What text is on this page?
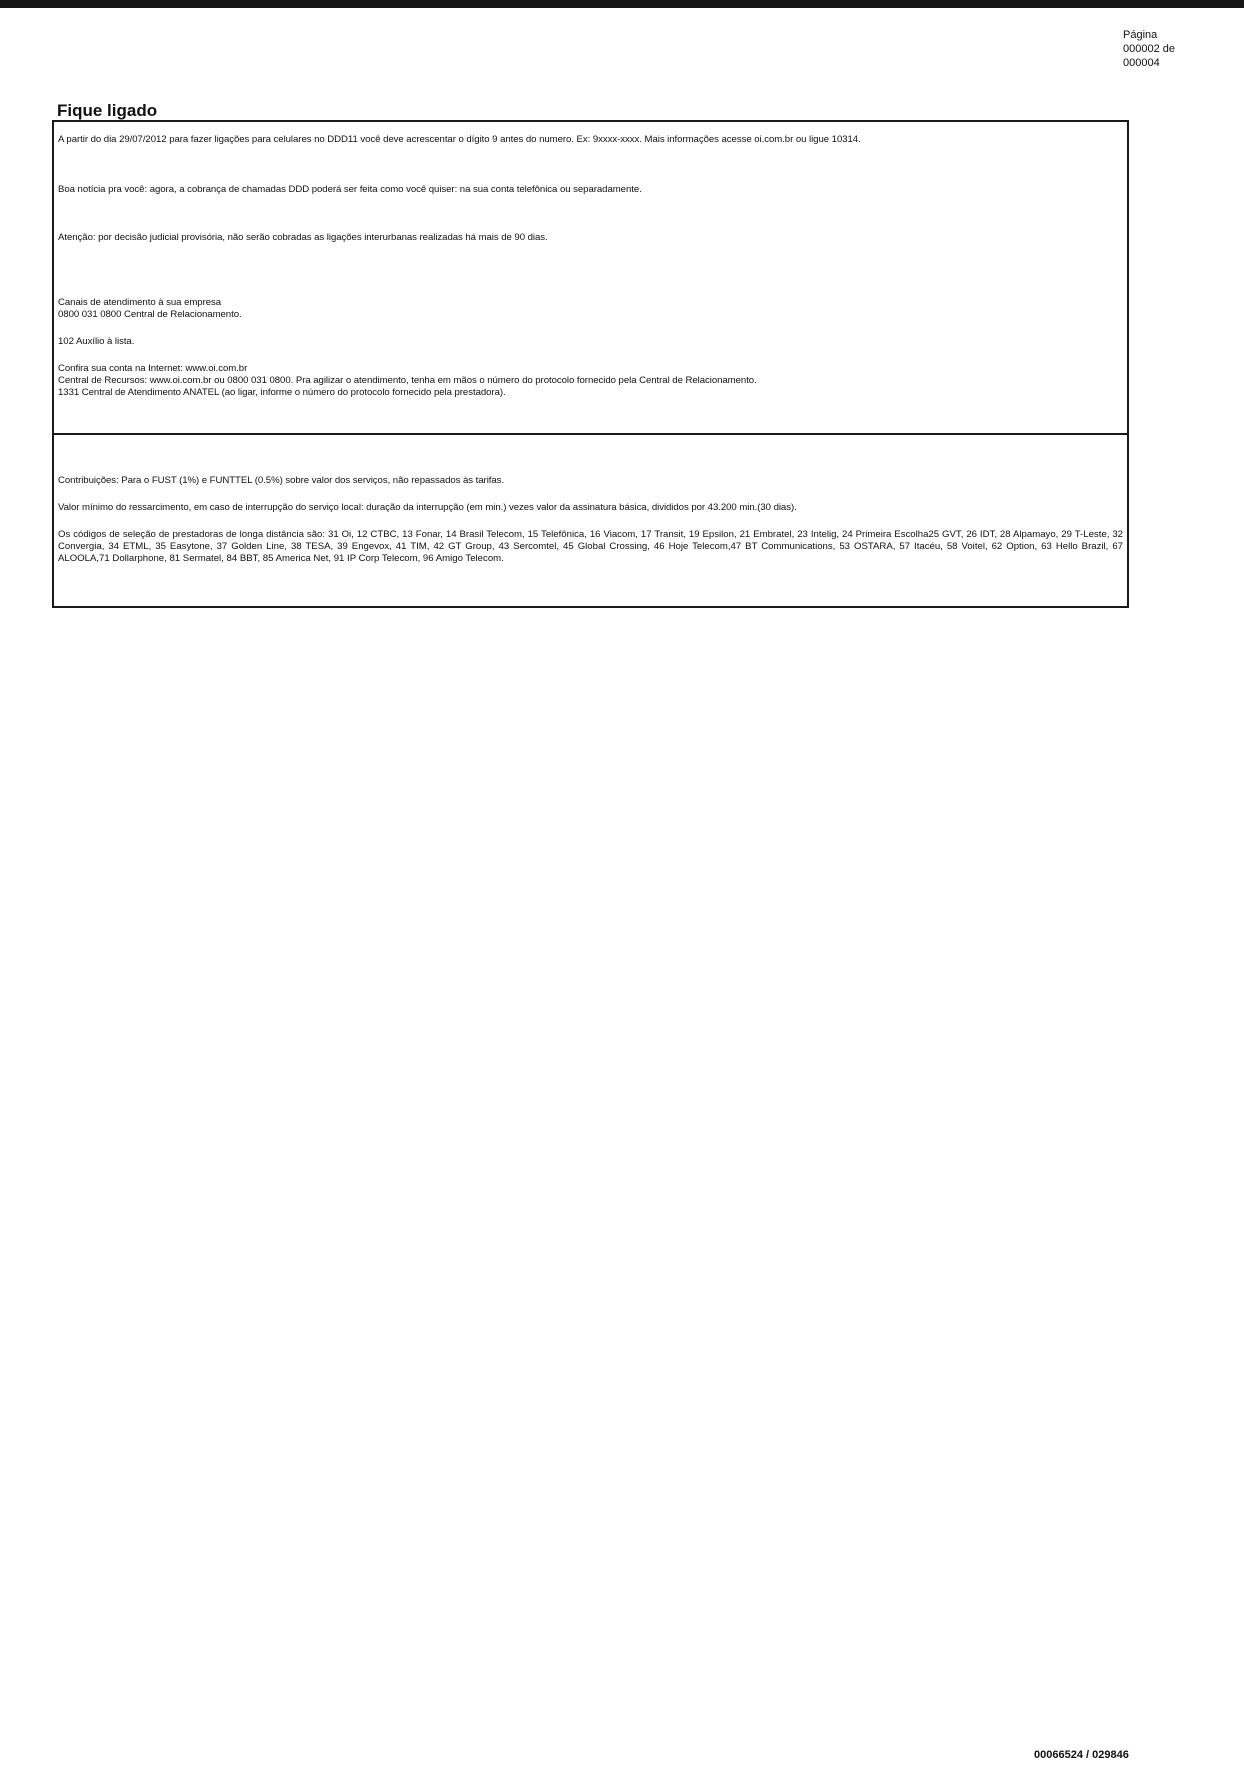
Página
000002 de
000004
Fique ligado
A partir do dia 29/07/2012 para fazer ligações para celulares no DDD11 você deve acrescentar o dígito 9 antes do numero. Ex: 9xxxx-xxxx. Mais informações acesse oi.com.br ou ligue 10314.
Boa notícia pra você: agora, a cobrança de chamadas DDD poderá ser feita como você quiser: na sua conta telefônica ou separadamente.
Atenção: por decisão judicial provisória, não serão cobradas as ligações interurbanas realizadas há mais de 90 dias.
Canais de atendimento à sua empresa
0800 031 0800 Central de Relacionamento.
102 Auxílio à lista.
Confira sua conta na Internet: www.oi.com.br
Central de Recursos: www.oi.com.br ou 0800 031 0800. Pra agilizar o atendimento, tenha em mãos o número do protocolo fornecido pela Central de Relacionamento.
1331 Central de Atendimento ANATEL (ao ligar, informe o número do protocolo fornecido pela prestadora).
Contribuições: Para o FUST (1%) e FUNTTEL (0.5%) sobre valor dos serviços, não repassados às tarifas.
Valor mínimo do ressarcimento, em caso de interrupção do serviço local: duração da interrupção (em min.) vezes valor da assinatura básica, divididos por 43.200 min.(30 dias).
Os códigos de seleção de prestadoras de longa distância são: 31 Oi, 12 CTBC, 13 Fonar, 14 Brasil Telecom, 15 Telefônica, 16 Viacom, 17 Transit, 19 Epsilon, 21 Embratel, 23 Intelig, 24 Primeira Escolha25 GVT, 26 IDT, 28 Alpamayo, 29 T-Leste, 32 Convergia, 34 ETML, 35 Easytone, 37 Golden Line, 38 TESA, 39 Engevox, 41 TIM, 42 GT Group, 43 Sercomtel, 45 Global Crossing, 46 Hoje Telecom,47 BT Communications, 53 OSTARA, 57 Itacéu, 58 Voitel, 62 Option, 63 Hello Brazil, 67 ALOOLA,71 Dollarphone, 81 Sermatel, 84 BBT, 85 America Net, 91 IP Corp Telecom, 96 Amigo Telecom.
00066524 / 029846
